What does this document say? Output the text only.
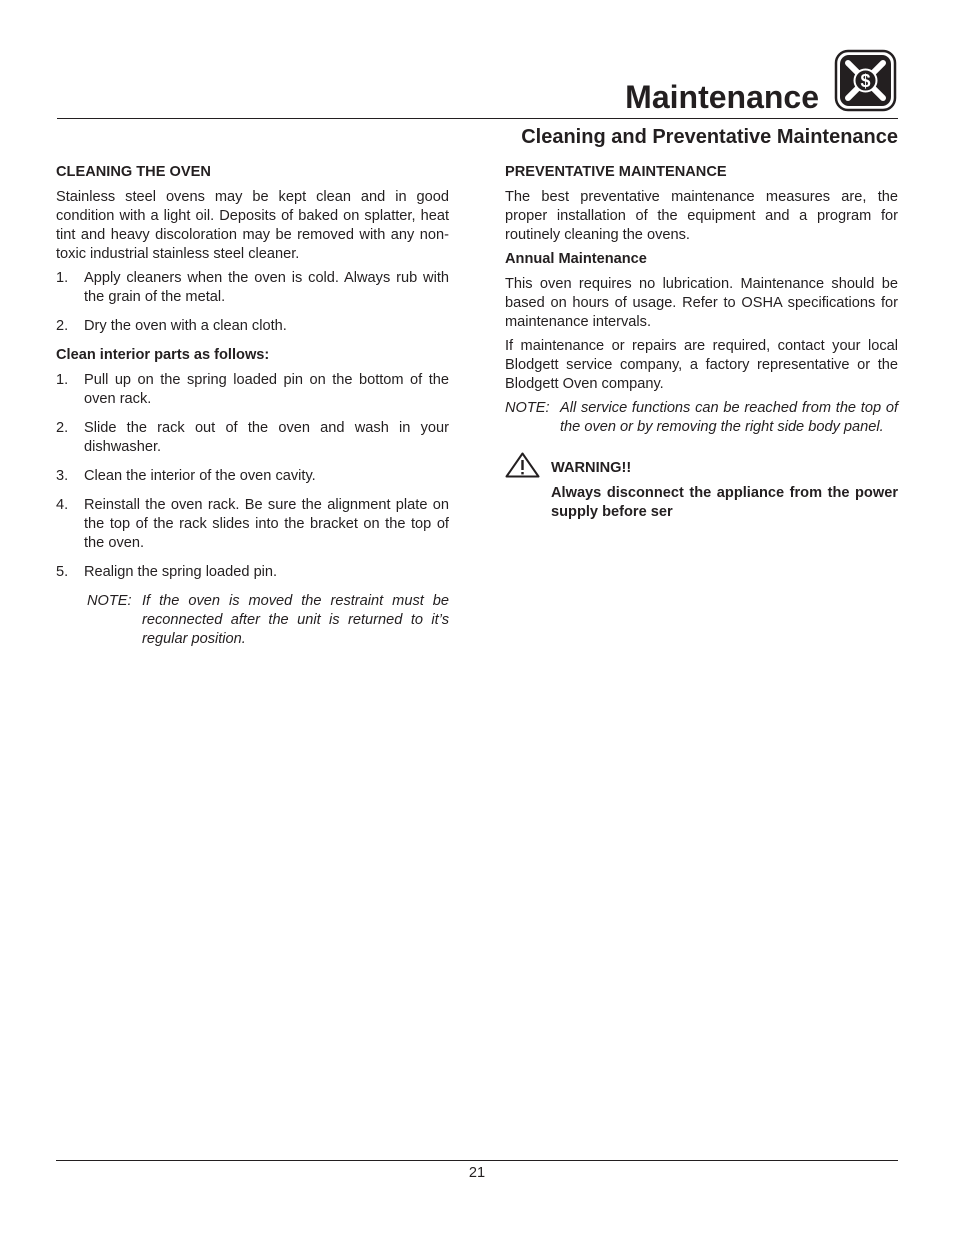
Maintenance $
Cleaning and Preventative Maintenance
CLEANING THE OVEN

Stainless steel ovens may be kept clean and in good condition with a light oil. Deposits of baked on splatter, heat tint and heavy discoloration may be removed with any non-toxic industrial stainless steel cleaner.

1. Apply cleaners when the oven is cold. Always rub with the grain of the metal.
2. Dry the oven with a clean cloth.
Clean interior parts as follows:
1. Pull up on the spring loaded pin on the bottom of the oven rack.
2. Slide the rack out of the oven and wash in your dishwasher.
3. Clean the interior of the oven cavity.
4. Reinstall the oven rack. Be sure the alignment plate on the top of the rack slides into the bracket on the top of the oven.
5. Realign the spring loaded pin.
NOTE: If the oven is moved the restraint must be reconnected after the unit is returned to it’s regular position.
PREVENTATIVE MAINTENANCE

The best preventative maintenance measures are, the proper installation of the equipment and a program for routinely cleaning the ovens.

Annual Maintenance

This oven requires no lubrication. Maintenance should be based on hours of usage. Refer to OSHA specifications for maintenance intervals.

If maintenance or repairs are required, contact your local Blodgett service company, a factory representative or the Blodgett Oven company.

NOTE: All service functions can be reached from the top of the oven or by removing the right side body panel.
WARNING!!
Always disconnect the appliance from the power supply before ser
21
